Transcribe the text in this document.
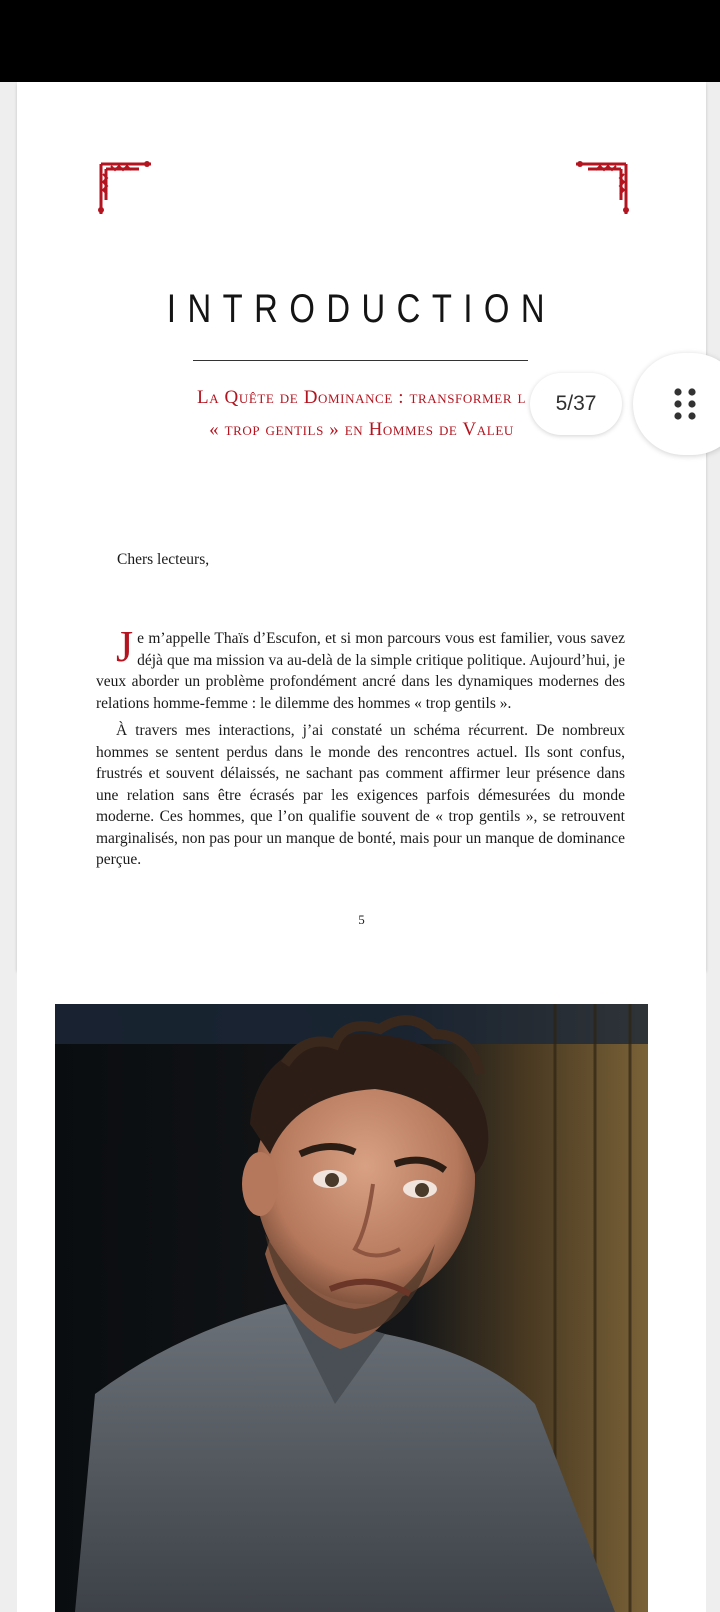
INTRODUCTION
La Quête de Dominance : transformer l
« trop gentils » en Hommes de Valeu
Chers lecteurs,

Je m’appelle Thaïs d’Escufon, et si mon parcours vous est familier, vous savez déjà que ma mission va au-delà de la simple critique politique. Aujourd’hui, je veux aborder un problème profondément ancré dans les dynamiques modernes des relations homme-femme : le dilemme des hommes « trop gentils ».

À travers mes interactions, j’ai constaté un schéma récurrent. De nombreux hommes se sentent perdus dans le monde des rencontres actuel. Ils sont confus, frustrés et souvent délaissés, ne sachant pas comment affirmer leur présence dans une relation sans être écrasés par les exigences parfois démesurées du monde moderne. Ces hommes, que l’on qualifie souvent de « trop gentils », se retrouvent marginalisés, non pas pour un manque de bonté, mais pour un manque de dominance perçue.

5
5/37
